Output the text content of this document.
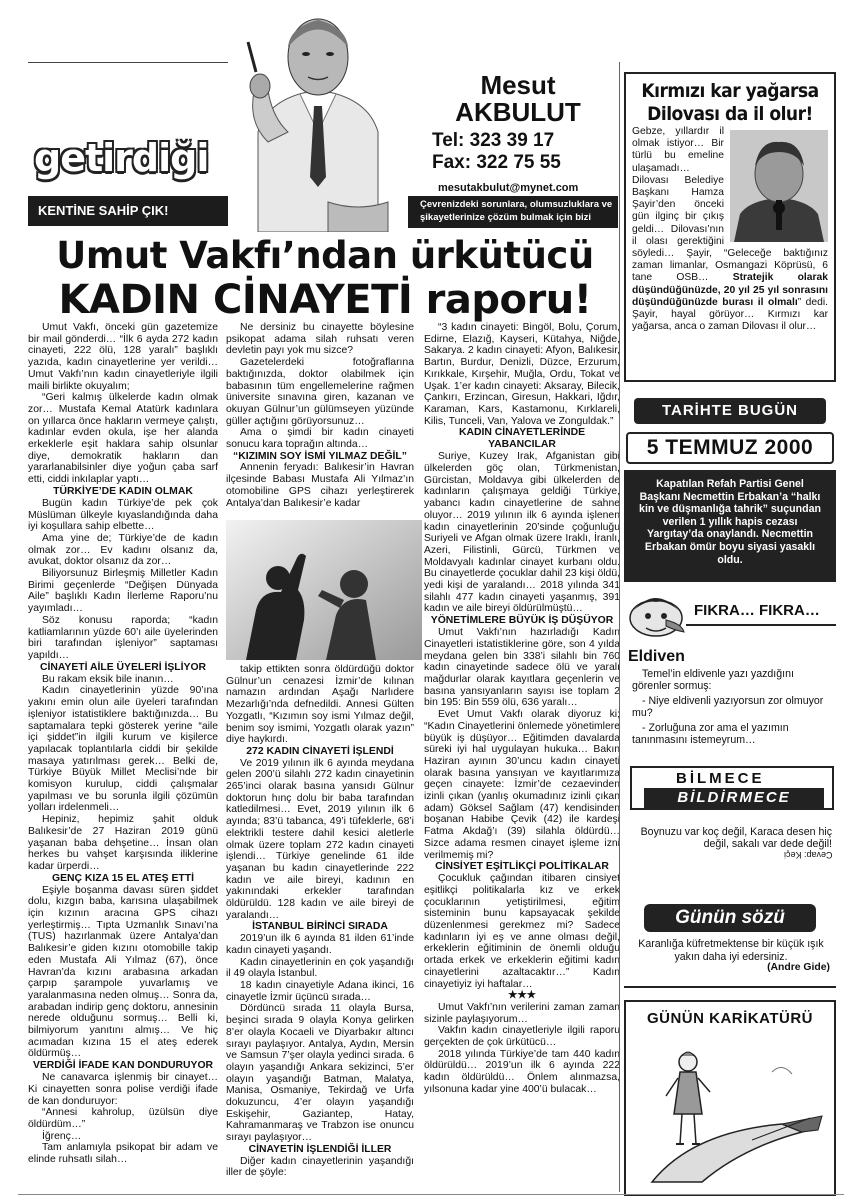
getirdiği
KENTİNE SAHİP ÇIK!
Mesut
AKBULUT
Tel: 323 39 17
Fax: 322 75 55
mesutakbulut@mynet.com
Çevrenizdeki sorunlara, olumsuzluklara ve şikayetlerinize çözüm bulmak için bizi arayın.
Umut Vakfı’ndan ürkütücü
KADIN CİNAYETİ raporu!

Umut Vakfı, önceki gün gazetemize bir mail gönderdi… “İlk 6 ayda 272 kadın cinayeti, 222 ölü, 128 yaralı” başlıklı yazıda, kadın cinayetlerine yer verildi… Umut Vakfı’nın kadın cinayetleriyle ilgili maili birlikte okuyalım;

“Geri kalmış ülkelerde kadın olmak zor… Mustafa Kemal Atatürk kadınlara on yıllarca önce hakların vermeye çalıştı, kadınlar evden okula, işe her alanda erkeklerle eşit haklara sahip olsunlar diye, demokratik hakların dan yararlanabilsinler diye yoğun çaba sarf etti, ciddi inkılaplar yaptı…

TÜRKİYE’DE KADIN OLMAK

Bugün kadın Türkiye’de pek çok Müslüman ülkeyle kıyaslandığında daha iyi koşullara sahip elbette…

Ama yine de; Türkiye’de de kadın olmak zor… Ev kadını olsanız da, avukat, doktor olsanız da zor…

Biliyorsunuz Birleşmiş Milletler Kadın Birimi geçenlerde “Değişen Dünyada Aile” başlıklı Kadın İlerleme Raporu’nu yayımladı…

Söz konusu raporda; “kadın katliamlarının yüzde 60’ı aile üyelerinden biri tarafından işleniyor” saptaması yapıldı…

CİNAYETİ AİLE ÜYELERİ İŞLİYOR

Bu rakam eksik bile inanın…

Kadın cinayetlerinin yüzde 90’ına yakını emin olun aile üyeleri tarafından işleniyor istatistiklere baktığınızda… Bu saptamalara tepki gösterek yerine “aile içi şiddet”in ilgili kurum ve kişilerce yapılacak toplantılarla ciddi bir şekilde masaya yatırılması gerek… Belki de, Türkiye Büyük Millet Meclisi’nde bir komisyon kurulup, ciddi çalışmalar yapılması ve bu sorunla ilgili çözümün yolları irdelenmeli…

Hepiniz, hepimiz şahit olduk Balıkesir’de 27 Haziran 2019 günü yaşanan baba dehşetine… İnsan olan herkes bu vahşet karşısında iliklerine kadar ürperdi…

GENÇ KIZA 15 EL ATEŞ ETTİ

Eşiyle boşanma davası süren şiddet dolu, kızgın baba, karısına ulaşabilmek için kızının aracına GPS cihazı yerleştirmiş… Tıpta Uzmanlık Sınavı’na (TUS) hazırlanmak üzere Antalya’dan Balıkesir’e giden kızını otomobille takip eden Mustafa Ali Yılmaz (67), önce Havran’da kızını arabasına arkadan çarpıp şarampole yuvarlamış ve yaralanmasına neden olmuş… Sonra da, arabadan indirip genç doktoru, annesinin nerede olduğunu sormuş… Belli ki, bilmiyorum yanıtını almış… Ve hiç acımadan kızına 15 el ateş ederek öldürmüş…

VERDİĞİ İFADE KAN DONDURUYOR

Ne canavarca işlenmiş bir cinayet… Ki cinayetten sonra polise verdiği ifade de kan donduruyor:

“Annesi kahrolup, üzülsün diye öldürdüm…”

İğrenç…

Tam anlamıyla psikopat bir adam ve elinde ruhsatlı silah…

Ne dersiniz bu cinayette böylesine psikopat adama silah ruhsatı veren devletin payı yok mu sizce?

Gazetelerdeki fotoğraflarına baktığınızda, doktor olabilmek için babasının tüm engellemelerine rağmen üniversite sınavına giren, kazanan ve okuyan Gülnur’un gülümseyen yüzünde güller açtığını görüyorsunuz…

Ama o şimdi bir kadın cinayeti sonucu kara toprağın altında…

“KIZIMIN SOY İSMİ YILMAZ DEĞİL”

Annenin feryadı: Balıkesir’in Havran ilçesinde Babası Mustafa Ali Yılmaz’ın otomobiline GPS cihazı yerleştirerek Antalya’dan Balıkesir’e kadar

takip ettikten sonra öldürdüğü doktor Gülnur’un cenazesi İzmir’de kılınan namazın ardından Aşağı Narlıdere Mezarlığı’nda defnedildi. Annesi Gülten Yozgatlı, “Kızımın soy ismi Yılmaz değil, benim soy ismimi, Yozgatlı olarak yazın” diye haykırdı.

272 KADIN CİNAYETİ İŞLENDİ

Ve 2019 yılının ilk 6 ayında meydana gelen 200’ü silahlı 272 kadın cinayetinin 265’inci olarak basına yansıdı Gülnur doktorun hınç dolu bir baba tarafından katledilmesi… Evet, 2019 yılının ilk 6 ayında; 83’ü tabanca, 49’i tüfeklerle, 68’i elektrikli testere dahil kesici aletlerle olmak üzere toplam 272 kadın cinayeti işlendi… Türkiye genelinde 61 ilde yaşanan bu kadın cinayetlerinde 222 kadın ve aile bireyi, kadının en yakınındaki erkekler tarafından öldürüldü. 128 kadın ve aile bireyi de yaralandı…

İSTANBUL BİRİNCİ SIRADA

2019’un ilk 6 ayında 81 ilden 61’inde kadın cinayeti yaşandı.

Kadın cinayetlerinin en çok yaşandığı il 49 olayla İstanbul.

18 kadın cinayetiyle Adana ikinci, 16 cinayetle İzmir üçüncü sırada…

Dördüncü sırada 11 olayla Bursa, beşinci sırada 9 olayla Konya gelirken 8’er olayla Kocaeli ve Diyarbakır altıncı sırayı paylaşıyor. Antalya, Aydın, Mersin ve Samsun 7’şer olayla yedinci sırada. 6 olayın yaşandığı Ankara sekizinci, 5’er olayın yaşandığı Batman, Malatya, Manisa, Osmaniye, Tekirdağ ve Urfa dokuzuncu, 4’er olayın yaşandığı Eskişehir, Gaziantep, Hatay, Kahramanmaraş ve Trabzon ise onuncu sırayı paylaşıyor…

CİNAYETİN İŞLENDİĞİ İLLER

Diğer kadın cinayetlerinin yaşandığı iller de şöyle:

“3 kadın cinayeti: Bingöl, Bolu, Çorum, Edirne, Elazığ, Kayseri, Kütahya, Niğde, Sakarya. 2 kadın cinayeti: Afyon, Balıkesir, Bartın, Burdur, Denizli, Düzce, Erzurum, Kırıkkale, Kırşehir, Muğla, Ordu, Tokat ve Uşak. 1’er kadın cinayeti: Aksaray, Bilecik, Çankırı, Erzincan, Giresun, Hakkari, Iğdır, Karaman, Kars, Kastamonu, Kırklareli, Kilis, Tunceli, Van, Yalova ve Zonguldak.”

KADIN CİNAYETLERİNDE YABANCILAR

Suriye, Kuzey Irak, Afganistan gibi ülkelerden göç olan, Türkmenistan, Gürcistan, Moldavya gibi ülkelerden de kadınların çalışmaya geldiği Türkiye, yabancı kadın cinayetlerine de sahne oluyor… 2019 yılının ilk 6 ayında işlenen kadın cinayetlerinin 20’sinde çoğunluğu Suriyeli ve Afgan olmak üzere Iraklı, İranlı, Azeri, Filistinli, Gürcü, Türkmen ve Moldavyalı kadınlar cinayet kurbanı oldu. Bu cinayetlerde çocuklar dahil 23 kişi öldü, yedi kişi de yaralandı… 2018 yılında 341 silahlı 477 kadın cinayeti yaşanmış, 391 kadın ve aile bireyi öldürülmüştü…

YÖNETİMLERE BÜYÜK İŞ DÜŞÜYOR

Umut Vakfı’nın hazırladığı Kadın Cinayetleri istatistiklerine göre, son 4 yılda meydana gelen bin 338’i silahlı bin 760 kadın cinayetinde sadece ölü ve yaralı mağdurlar olarak kayıtlara geçenlerin ve basına yansıyanların sayısı ise toplam 2 bin 195: Bin 559 ölü, 636 yaralı…

Evet Umut Vakfı olarak diyoruz ki; “Kadın Cinayetlerini önlemede yönetimlere büyük iş düşüyor… Eğitimden davalarda süreki iyi hal uygulayan hukuka… Bakın Haziran ayının 30’uncu kadın cinayeti olarak basına yansıyan ve kayıtlarımıza geçen cinayete: İzmir’de cezaevinden izinli çıkan (yanlış okumadınız izinli çıkan adam) Göksel Sağlam (47) kendisinden boşanan Habibe Çevik (42) ile kardeşi Fatma Akdağ’ı (39) silahla öldürdü… Sizce adama resmen cinayet işleme izni verilmemiş mi?

CİNSİYET EŞİTLİKÇİ POLİTİKALAR

Çocukluk çağından itibaren cinsiyet eşitlikçi politikalarla kız ve erkek çocuklarının yetiştirilmesi, eğitim sisteminin bunu kapsayacak şekilde düzenlenmesi gerekmez mi? Sadece kadınların iyi eş ve anne olması değil, erkeklerin eğitiminin de önemli olduğu ortada erkek ve erkeklerin eğitimi kadın cinayetlerini azaltacaktır…” Kadın cinayetiyiz iyi haftalar…

★★★

Umut Vakfı’nın verilerini zaman zaman sizinle paylaşıyorum…

Vakfın kadın cinayetleriyle ilgili raporu gerçekten de çok ürkütücü…

2018 yılında Türkiye’de tam 440 kadın öldürüldü… 2019’un ilk 6 ayında 222 kadın öldürüldü… Önlem alınmazsa, yılsonuna kadar yine 400’ü bulacak…

Kırmızı kar yağarsa
Dilovası da il olur!
Gebze, yıllardır il olmak istiyor… Bir türlü bu emeline ulaşamadı… Dilovası Belediye Başkanı Hamza Şayir’den önceki gün ilginç bir çıkış geldi… Dilovası’nın il olası gerektiğini söyledi… Şayir, “Geleceğe baktığınız zaman limanlar, Osmangazi Köprüsü, 6 tane OSB… Stratejik olarak düşündüğünüzde, 20 yıl 25 yıl sonrasını düşündüğünüzde burası il olmalı” dedi. Şayir, hayal görüyor… Kırmızı kar yağarsa, anca o zaman Dilovası il olur…
TARİHTE BUGÜN
5 TEMMUZ 2000
Kapatılan Refah Partisi Genel Başkanı Necmettin Erbakan’a “halkı kin ve düşmanlığa tahrik” suçundan verilen 1 yıllık hapis cezası Yargıtay’da onaylandı. Necmettin Erbakan ömür boyu siyasi yasaklı oldu.
FIKRA… FIKRA…
Eldiven
Temel’in eldivenle yazı yazdığını görenler sormuş:
- Niye eldivenli yazıyorsun zor olmuyor mu?
- Zorluğuna zor ama el yazımın tanınmasını istemeyrum…
BİLMECE
BİLDİRMECE
Boynuzu var koç değil, Karaca desen hiç değil, sakalı var dede değil!
Cevap: Keçi
Günün sözü
Karanlığa küfretmektense bir küçük ışık yakın daha iyi edersiniz.
(Andre Gide)
GÜNÜN KARİKATÜRÜ
